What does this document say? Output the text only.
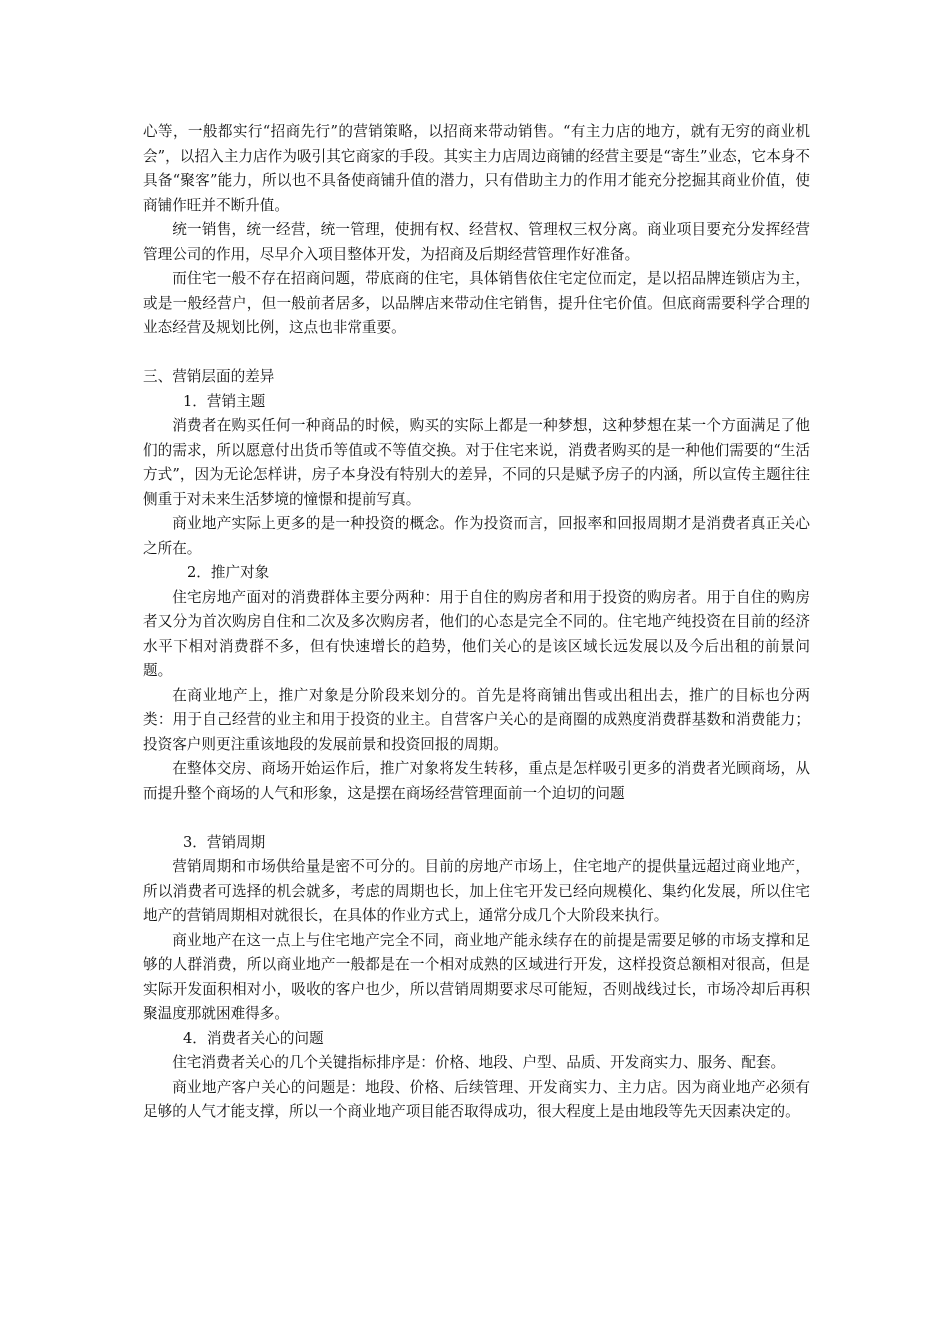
心等，一般都实行“招商先行”的营销策略，以招商来带动销售。“有主力店的地方，就有无穷的商业机会”，以招入主力店作为吸引其它商家的手段。其实主力店周边商铺的经营主要是“寄生”业态，它本身不具备“聚客”能力，所以也不具备使商铺升值的潜力，只有借助主力的作用才能充分挖掘其商业价值，使商铺作旺并不断升值。

统一销售，统一经营，统一管理，使拥有权、经营权、管理权三权分离。商业项目要充分发挥经营管理公司的作用，尽早介入项目整体开发，为招商及后期经营管理作好准备。

而住宅一般不存在招商问题，带底商的住宅，具体销售依住宅定位而定，是以招品牌连锁店为主，或是一般经营户，但一般前者居多，以品牌店来带动住宅销售，提升住宅价值。但底商需要科学合理的业态经营及规划比例，这点也非常重要。

三、营销层面的差异

1．营销主题

消费者在购买任何一种商品的时候，购买的实际上都是一种梦想，这种梦想在某一个方面满足了他们的需求，所以愿意付出货币等值或不等值交换。对于住宅来说，消费者购买的是一种他们需要的“生活方式”，因为无论怎样讲，房子本身没有特别大的差异，不同的只是赋予房子的内涵，所以宣传主题往往侧重于对未来生活梦境的憧憬和提前写真。

商业地产实际上更多的是一种投资的概念。作为投资而言，回报率和回报周期才是消费者真正关心之所在。

2．推广对象

住宅房地产面对的消费群体主要分两种：用于自住的购房者和用于投资的购房者。用于自住的购房者又分为首次购房自住和二次及多次购房者，他们的心态是完全不同的。住宅地产纯投资在目前的经济水平下相对消费群不多，但有快速增长的趋势，他们关心的是该区域长远发展以及今后出租的前景问题。

在商业地产上，推广对象是分阶段来划分的。首先是将商铺出售或出租出去，推广的目标也分两类：用于自己经营的业主和用于投资的业主。自营客户关心的是商圈的成熟度消费群基数和消费能力；投资客户则更注重该地段的发展前景和投资回报的周期。

在整体交房、商场开始运作后，推广对象将发生转移，重点是怎样吸引更多的消费者光顾商场，从而提升整个商场的人气和形象，这是摆在商场经营管理面前一个迫切的问题

3．营销周期

营销周期和市场供给量是密不可分的。目前的房地产市场上，住宅地产的提供量远超过商业地产，所以消费者可选择的机会就多，考虑的周期也长，加上住宅开发已经向规模化、集约化发展，所以住宅地产的营销周期相对就很长，在具体的作业方式上，通常分成几个大阶段来执行。

商业地产在这一点上与住宅地产完全不同，商业地产能永续存在的前提是需要足够的市场支撑和足够的人群消费，所以商业地产一般都是在一个相对成熟的区域进行开发，这样投资总额相对很高，但是实际开发面积相对小，吸收的客户也少，所以营销周期要求尽可能短，否则战线过长，市场冷却后再积聚温度那就困难得多。

4．消费者关心的问题

住宅消费者关心的几个关键指标排序是：价格、地段、户型、品质、开发商实力、服务、配套。

商业地产客户关心的问题是：地段、价格、后续管理、开发商实力、主力店。因为商业地产必须有足够的人气才能支撑，所以一个商业地产项目能否取得成功，很大程度上是由地段等先天因素决定的。
